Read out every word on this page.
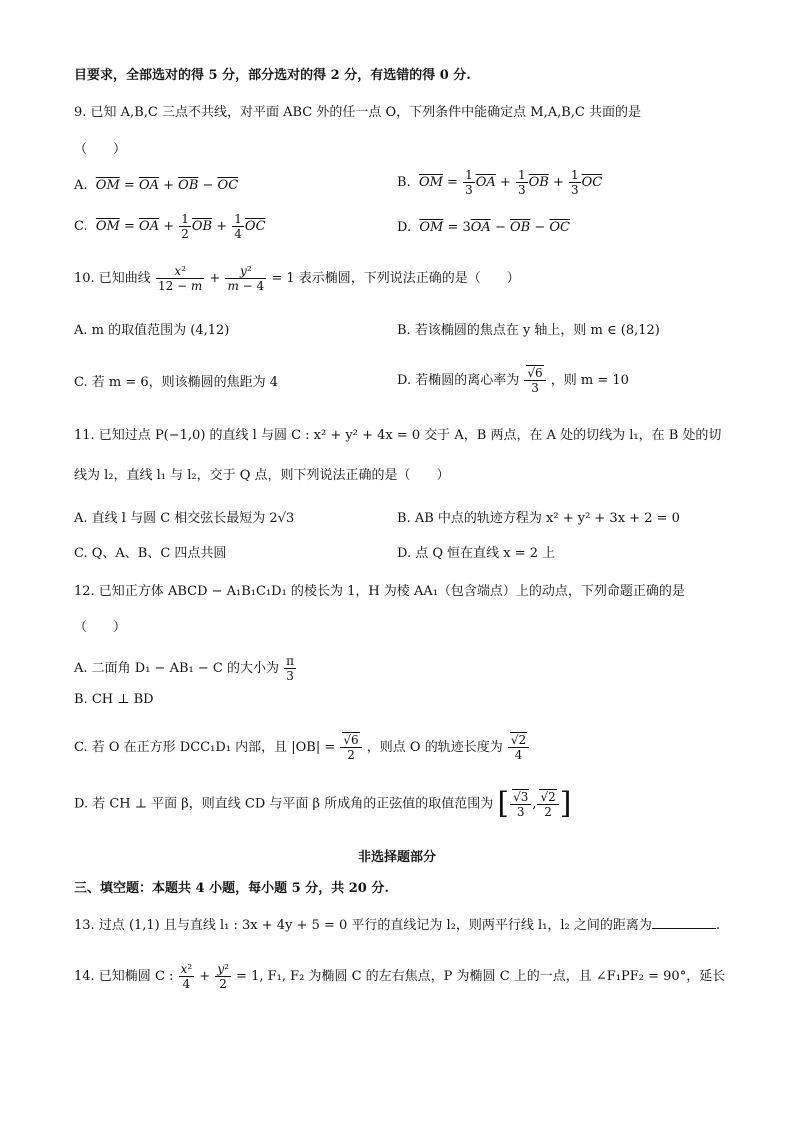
目要求，全部选对的得 5 分，部分选对的得 2 分，有选错的得 0 分.
9. 已知 A,B,C 三点不共线，对平面 ABC 外的任一点 O，下列条件中能确定点 M,A,B,C 共面的是
（　　）
A. $\overline{OM} = \overline{OA} + \overline{OB} - \overline{OC}$	B. $\overline{OM} = \frac{1}{3} \overline{OA} + \frac{1}{3} \overline{OB} + \frac{1}{3} \overline{OC}$
C. $\overline{OM} = \overline{OA} + \frac{1}{2} \overline{OB} + \frac{1}{4} \overline{OC}$	D. $\overline{OM} = 3\overline{OA} - \overline{OB} - \overline{OC}$
10. 已知曲线 $\frac{\text{x²}}{12 - m} + \frac{\text{y²}}{m - 4} = 1$ 表示椭圆，下列说法正确的是（　　）
A. m 的取值范围为 (4,12)	B. 若该椭圆的焦点在 y 轴上，则 m ∈ (8,12)
C. 若 m = 6，则该椭圆的焦距为 4	D. 若椭圆的离心率为 $\frac{√6}{3}$ ，则 m = 10
11. 已知过点 P(−1,0) 的直线 l 与圆 C : x² + y² + 4x = 0 交于 A，B 两点，在 A 处的切线为 l₁，在 B 处的切
线为 l₂，直线 l₁ 与 l₂，交于 Q 点，则下列说法正确的是（　　）
A. 直线 l 与圆 C 相交弦长最短为 2√3	B. AB 中点的轨迹方程为 x² + y² + 3x + 2 = 0
C. Q、A、B、C 四点共圆	D. 点 Q 恒在直线 x = 2 上
12. 已知正方体 ABCD − A₁B₁C₁D₁ 的棱长为 1，H 为棱 AA₁（包含端点）上的动点，下列命题正确的是
（　　）
A. 二面角 D₁ − AB₁ − C 的大小为 $\frac{\pi}{3}$
B. CH ⊥ BD
C. 若 O 在正方形 DCC₁D₁ 内部，且 $|OB| = \frac{√6}{2}$ ，则点 O 的轨迹长度为 $\frac{√2}{4}$
D. 若 CH ⊥ 平面 β，则直线 CD 与平面 β 所成角的正弦值的取值范围为 [ $\frac{√3}{3}$ , $\frac{√2}{2}$ ]
非选择题部分
三、填空题：本题共 4 小题，每小题 5 分，共 20 分.
13. 过点 (1,1) 且与直线 l₁ : 3x + 4y + 5 = 0 平行的直线记为 l₂，则两平行线 l₁，l₂ 之间的距离为	.
14. 已知椭圆 C : $\frac{\text{x²}}{4} + \frac{\text{y²}}{2} = 1$, F₁, F₂ 为椭圆 C 的左右焦点，P 为椭圆 C 上的一点，且 ∠F₁PF₂ = 90°，延长
